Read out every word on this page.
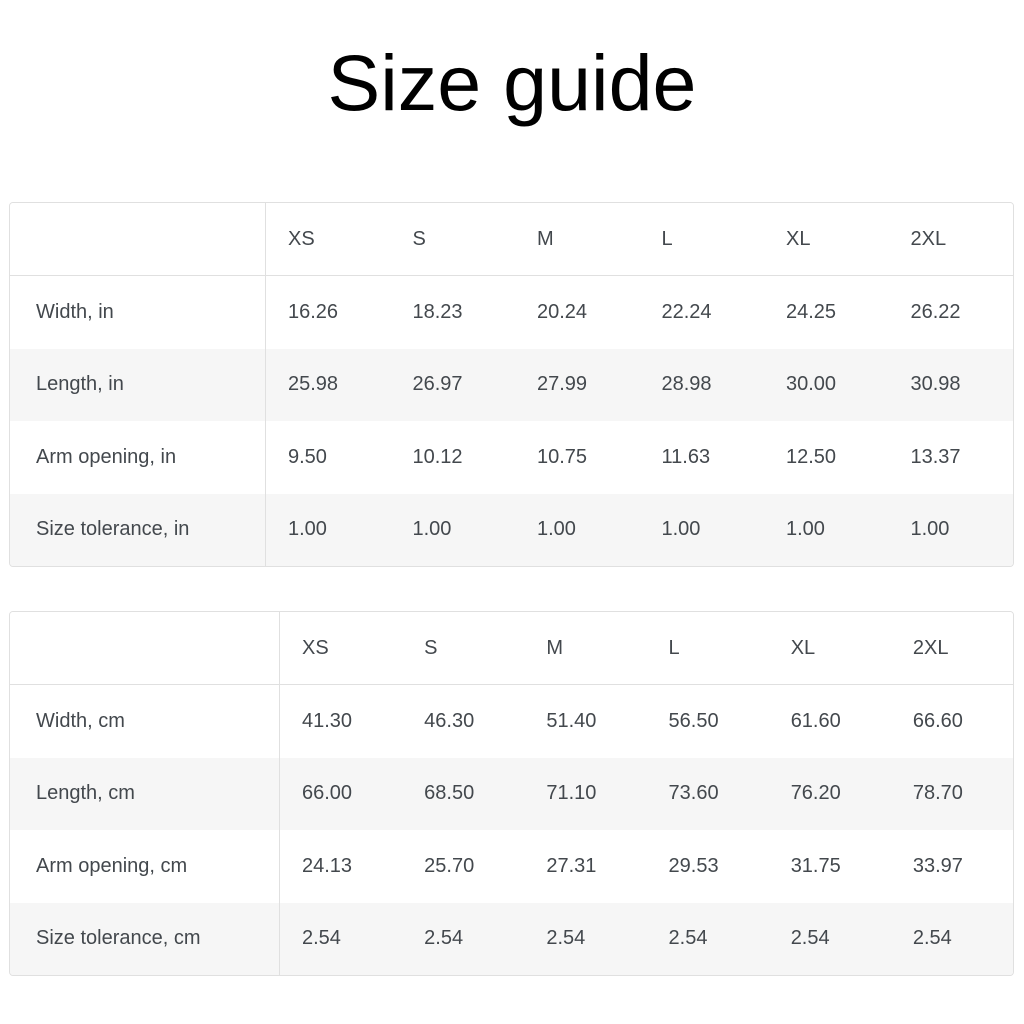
Size guide
XS	S	M	L	XL	2XL
Width, in	16.26	18.23	20.24	22.24	24.25	26.22
Length, in	25.98	26.97	27.99	28.98	30.00	30.98
Arm opening, in	9.50	10.12	10.75	11.63	12.50	13.37
Size tolerance, in	1.00	1.00	1.00	1.00	1.00	1.00
XS	S	M	L	XL	2XL
Width, cm	41.30	46.30	51.40	56.50	61.60	66.60
Length, cm	66.00	68.50	71.10	73.60	76.20	78.70
Arm opening, cm	24.13	25.70	27.31	29.53	31.75	33.97
Size tolerance, cm	2.54	2.54	2.54	2.54	2.54	2.54
